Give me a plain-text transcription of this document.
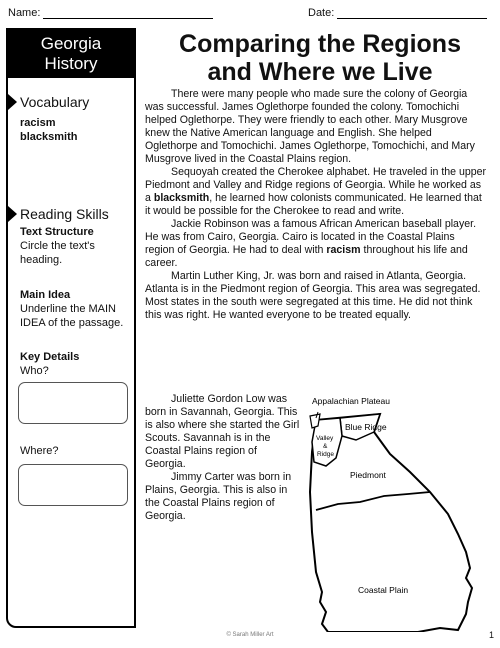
Name:	Date:
Georgia
History
Vocabulary
racism
blacksmith
Reading Skills
Text Structure
Circle the text's heading.
Main Idea
Underline the MAIN IDEA of the passage.
Key Details
Who?
Where?
Comparing the Regions
and Where we Live

There were many people who made sure the colony of Georgia was successful. James Oglethorpe founded the colony. Tomochichi helped Oglethorpe. They were friendly to each other. Mary Musgrove knew the Native American language and English. She helped Oglethorpe and Tomochichi. James Oglethorpe, Tomochichi, and Mary Musgrove lived in the Coastal Plains region.

Sequoyah created the Cherokee alphabet. He traveled in the upper Piedmont and Valley and Ridge regions of Georgia. While he worked as a blacksmith, he learned how colonists communicated. He learned that it would be possible for the Cherokee to read and write.

Jackie Robinson was a famous African American baseball player. He was from Cairo, Georgia. Cairo is located in the Coastal Plains region of Georgia. He had to deal with racism throughout his life and career.

Martin Luther King, Jr. was born and raised in Atlanta, Georgia. Atlanta is in the Piedmont region of Georgia. This area was segregated. Most states in the south were segregated at this time. He did not think this was right. He wanted everyone to be treated equally.

Juliette Gordon Low was born in Savannah, Georgia. This is also where she started the Girl Scouts. Savannah is in the Coastal Plains region of Georgia.

Jimmy Carter was born in Plains, Georgia. This is also in the Coastal Plains region of Georgia.

Appalachian Plateau
Blue Ridge
Valley
&
Ridge
Piedmont
Coastal Plain
© Sarah Miller Art	1
